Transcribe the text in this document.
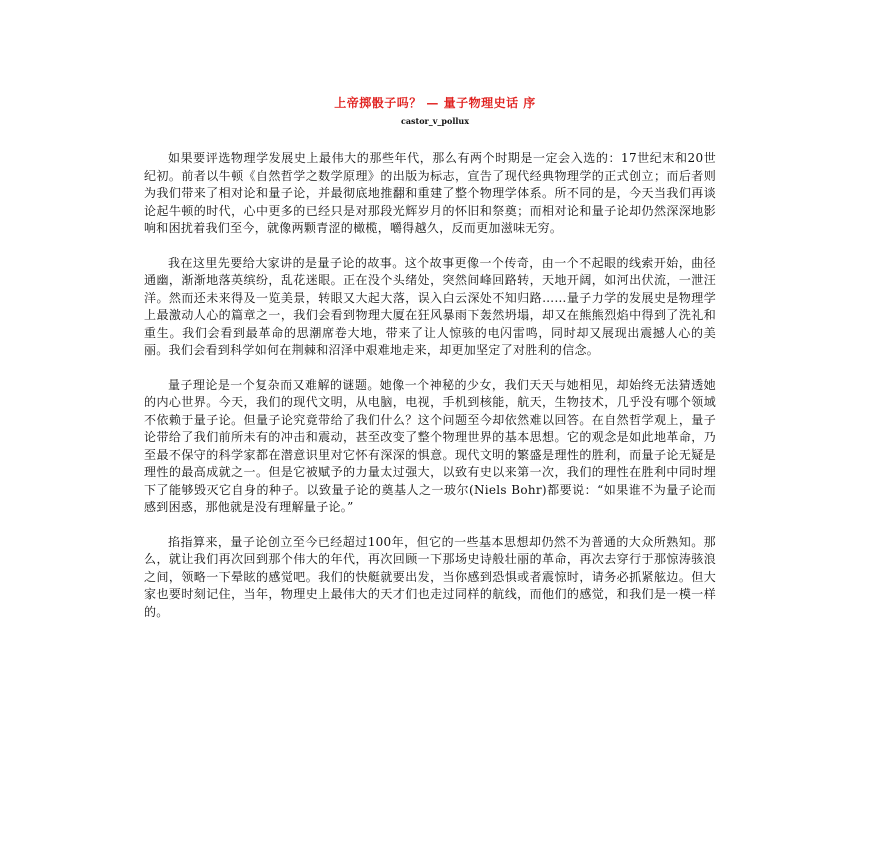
上帝掷骰子吗？ — 量子物理史话 序
castor_v_pollux

如果要评选物理学发展史上最伟大的那些年代，那么有两个时期是一定会入选的：17世纪末和20世纪初。前者以牛顿《自然哲学之数学原理》的出版为标志，宣告了现代经典物理学的正式创立；而后者则为我们带来了相对论和量子论，并最彻底地推翻和重建了整个物理学体系。所不同的是，今天当我们再谈论起牛顿的时代，心中更多的已经只是对那段光辉岁月的怀旧和祭奠；而相对论和量子论却仍然深深地影响和困扰着我们至今，就像两颗青涩的橄榄，嚼得越久，反而更加滋味无穷。

我在这里先要给大家讲的是量子论的故事。这个故事更像一个传奇，由一个不起眼的线索开始，曲径通幽，渐渐地落英缤纷，乱花迷眼。正在没个头绪处，突然间峰回路转，天地开阔，如河出伏流，一泄汪洋。然而还未来得及一览美景，转眼又大起大落，误入白云深处不知归路……量子力学的发展史是物理学上最激动人心的篇章之一，我们会看到物理大厦在狂风暴雨下轰然坍塌，却又在熊熊烈焰中得到了洗礼和重生。我们会看到最革命的思潮席卷大地，带来了让人惊骇的电闪雷鸣，同时却又展现出震撼人心的美丽。我们会看到科学如何在荆棘和沼泽中艰难地走来，却更加坚定了对胜利的信念。

量子理论是一个复杂而又难解的谜题。她像一个神秘的少女，我们天天与她相见，却始终无法猜透她的内心世界。今天，我们的现代文明，从电脑，电视，手机到核能，航天，生物技术，几乎没有哪个领域不依赖于量子论。但量子论究竟带给了我们什么？这个问题至今却依然难以回答。在自然哲学观上，量子论带给了我们前所未有的冲击和震动，甚至改变了整个物理世界的基本思想。它的观念是如此地革命，乃至最不保守的科学家都在潜意识里对它怀有深深的惧意。现代文明的繁盛是理性的胜利，而量子论无疑是理性的最高成就之一。但是它被赋予的力量太过强大，以致有史以来第一次，我们的理性在胜利中同时埋下了能够毁灭它自身的种子。以致量子论的奠基人之一玻尔(Niels Bohr)都要说：“如果谁不为量子论而感到困惑，那他就是没有理解量子论。”

掐指算来，量子论创立至今已经超过100年，但它的一些基本思想却仍然不为普通的大众所熟知。那么，就让我们再次回到那个伟大的年代，再次回顾一下那场史诗般壮丽的革命，再次去穿行于那惊涛骇浪之间，领略一下晕眩的感觉吧。我们的快艇就要出发，当你感到恐惧或者震惊时，请务必抓紧舷边。但大家也要时刻记住，当年，物理史上最伟大的天才们也走过同样的航线，而他们的感觉，和我们是一模一样的。
